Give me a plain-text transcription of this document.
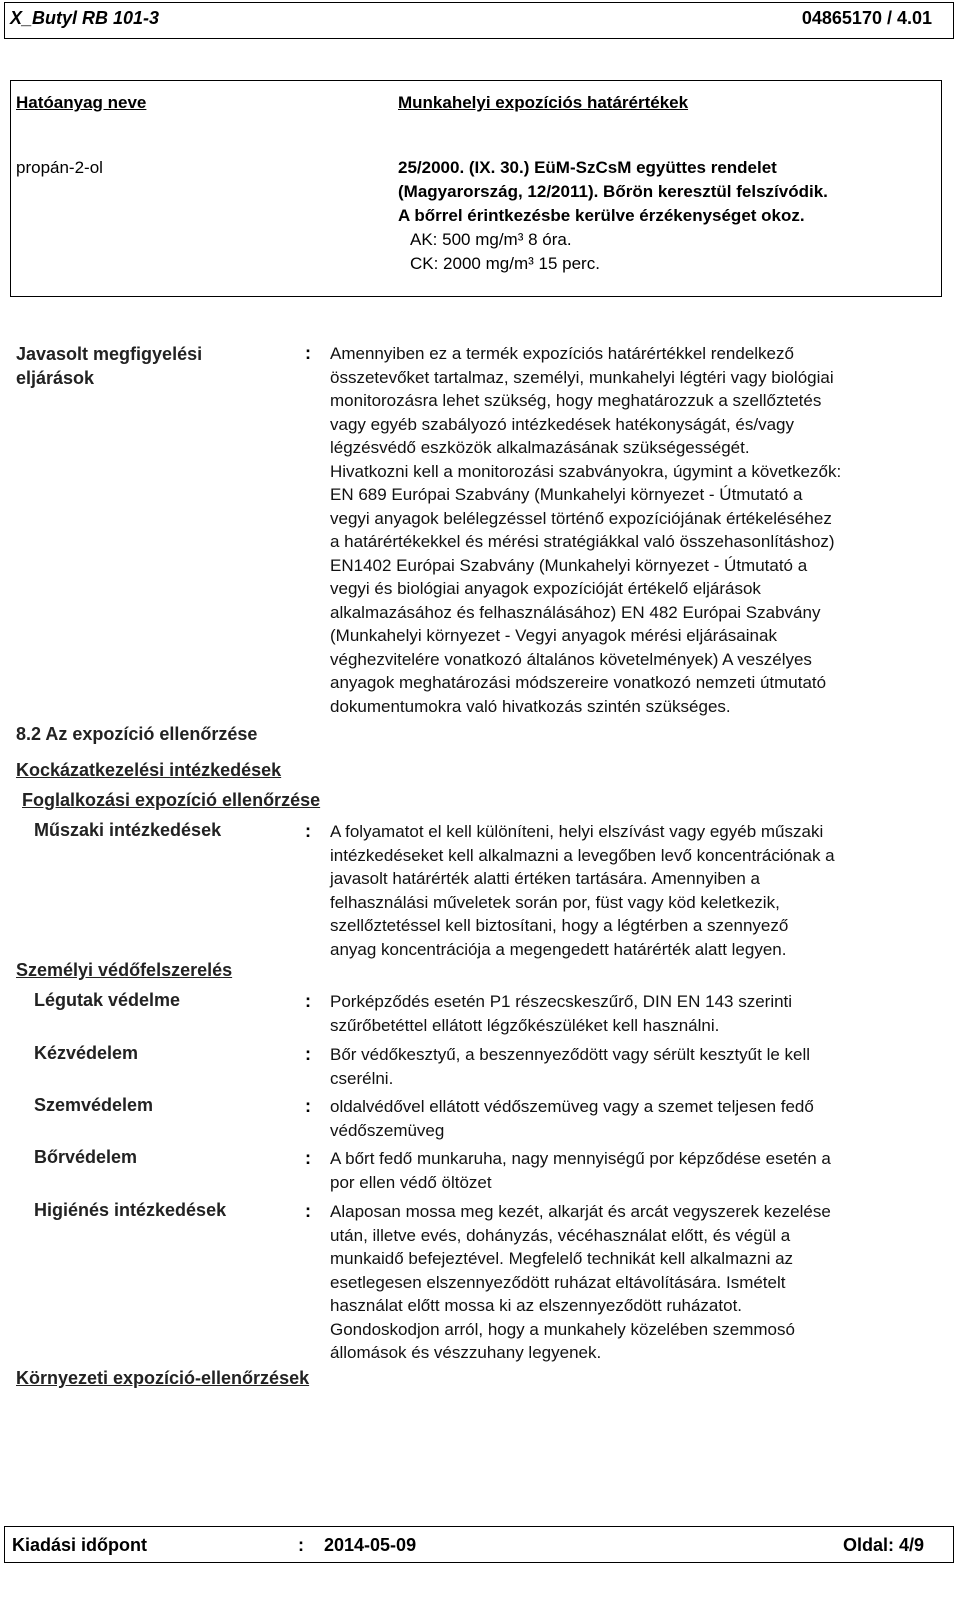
X_Butyl RB 101-3	04865170 / 4.01
Hatóanyag neve	Munkahelyi expozíciós határértékek
propán-2-ol	25/2000. (IX. 30.) EüM-SzCsM együttes rendelet
(Magyarország, 12/2011). Bőrön keresztül felszívódik.
A bőrrel érintkezésbe kerülve érzékenységet okoz.
AK: 500 mg/m³ 8 óra.
CK: 2000 mg/m³ 15 perc.
Javasolt megfigyelési
eljárások
: Amennyiben ez a termék expozíciós határértékkel rendelkező
összetevőket tartalmaz, személyi, munkahelyi légtéri vagy biológiai
monitorozásra lehet szükség, hogy meghatározzuk a szellőztetés
vagy egyéb szabályozó intézkedések hatékonyságát, és/vagy
légzésvédő eszközök alkalmazásának szükségességét.
Hivatkozni kell a monitorozási szabványokra, úgymint a következők:
EN 689 Európai Szabvány (Munkahelyi környezet - Útmutató a
vegyi anyagok belélegzéssel történő expozíciójának értékeléséhez
a határértékekkel és mérési stratégiákkal való összehasonlításhoz)
EN1402 Európai Szabvány (Munkahelyi környezet - Útmutató a
vegyi és biológiai anyagok expozícióját értékelő eljárások
alkalmazásához és felhasználásához) EN 482 Európai Szabvány
(Munkahelyi környezet - Vegyi anyagok mérési eljárásainak
véghezvitelére vonatkozó általános követelmények) A veszélyes
anyagok meghatározási módszereire vonatkozó nemzeti útmutató
dokumentumokra való hivatkozás szintén szükséges.
8.2 Az expozíció ellenőrzése
Kockázatkezelési intézkedések
Foglalkozási expozíció ellenőrzése
Műszaki intézkedések	: A folyamatot el kell különíteni, helyi elszívást vagy egyéb műszaki
intézkedéseket kell alkalmazni a levegőben levő koncentrációnak a
javasolt határérték alatti értéken tartására. Amennyiben a
felhasználási műveletek során por, füst vagy köd keletkezik,
szellőztetéssel kell biztosítani, hogy a légtérben a szennyező
anyag koncentrációja a megengedett határérték alatt legyen.
Személyi védőfelszerelés
Légutak védelme	: Porképződés esetén P1 részecskeszűrő, DIN EN 143 szerinti
szűrőbetéttel ellátott légzőkészüléket kell használni.
Kézvédelem	: Bőr védőkesztyű, a beszennyeződött vagy sérült kesztyűt le kell
cserélni.
Szemvédelem	: oldalvédővel ellátott védőszemüveg vagy a szemet teljesen fedő
védőszemüveg
Bőrvédelem	: A bőrt fedő munkaruha, nagy mennyiségű por képződése esetén a
por ellen védő öltözet
Higiénés intézkedések	: Alaposan mossa meg kezét, alkarját és arcát vegyszerek kezelése
után, illetve evés, dohányzás, vécéhasználat előtt, és végül a
munkaidő befejeztével. Megfelelő technikát kell alkalmazni az
esetlegesen elszennyeződött ruházat eltávolítására. Ismételt
használat előtt mossa ki az elszennyeződött ruházatot.
Gondoskodjon arról, hogy a munkahely közelében szemmosó
állomások és vészzuhany legyenek.
Környezeti expozíció-ellenőrzések
Kiadási időpont	: 2014-05-09	Oldal: 4/9
